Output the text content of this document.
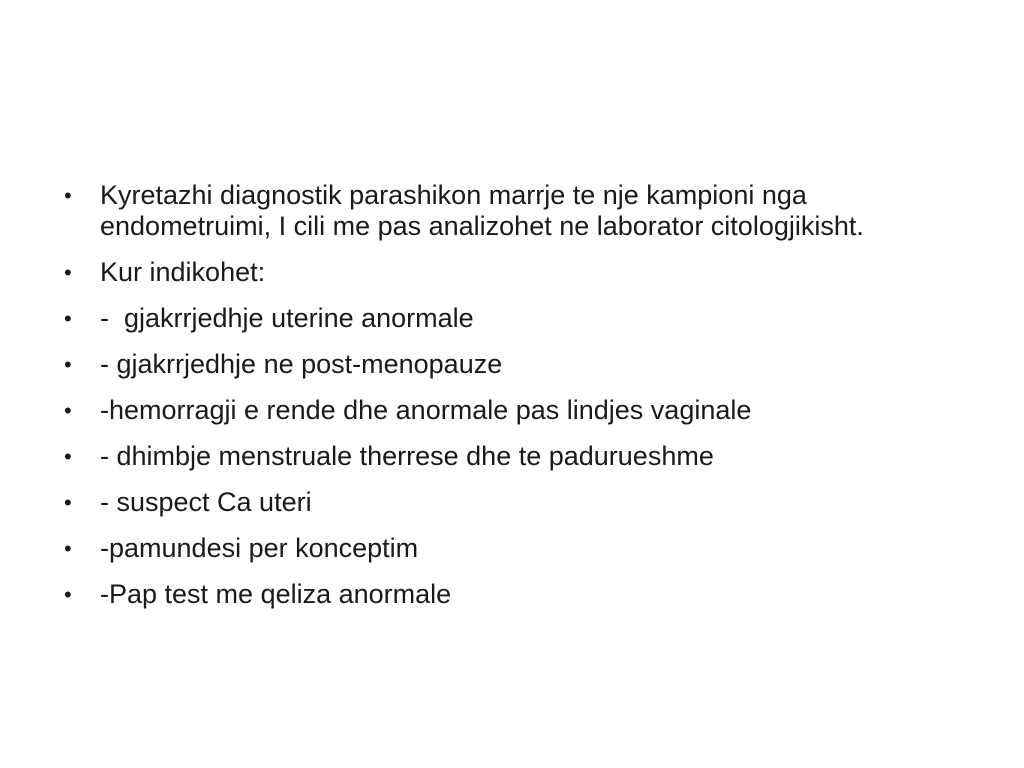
• Kyretazhi diagnostik parashikon marrje te nje kampioni nga endometruimi, I cili me pas analizohet ne laborator citologjikisht.
• Kur indikohet:
• -  gjakrrjedhje uterine anormale
• - gjakrrjedhje ne post-menopauze
• -hemorragji e rende dhe anormale pas lindjes vaginale
• - dhimbje menstruale therrese dhe te padurueshme
• - suspect Ca uteri
• -pamundesi per konceptim
• -Pap test me qeliza anormale
